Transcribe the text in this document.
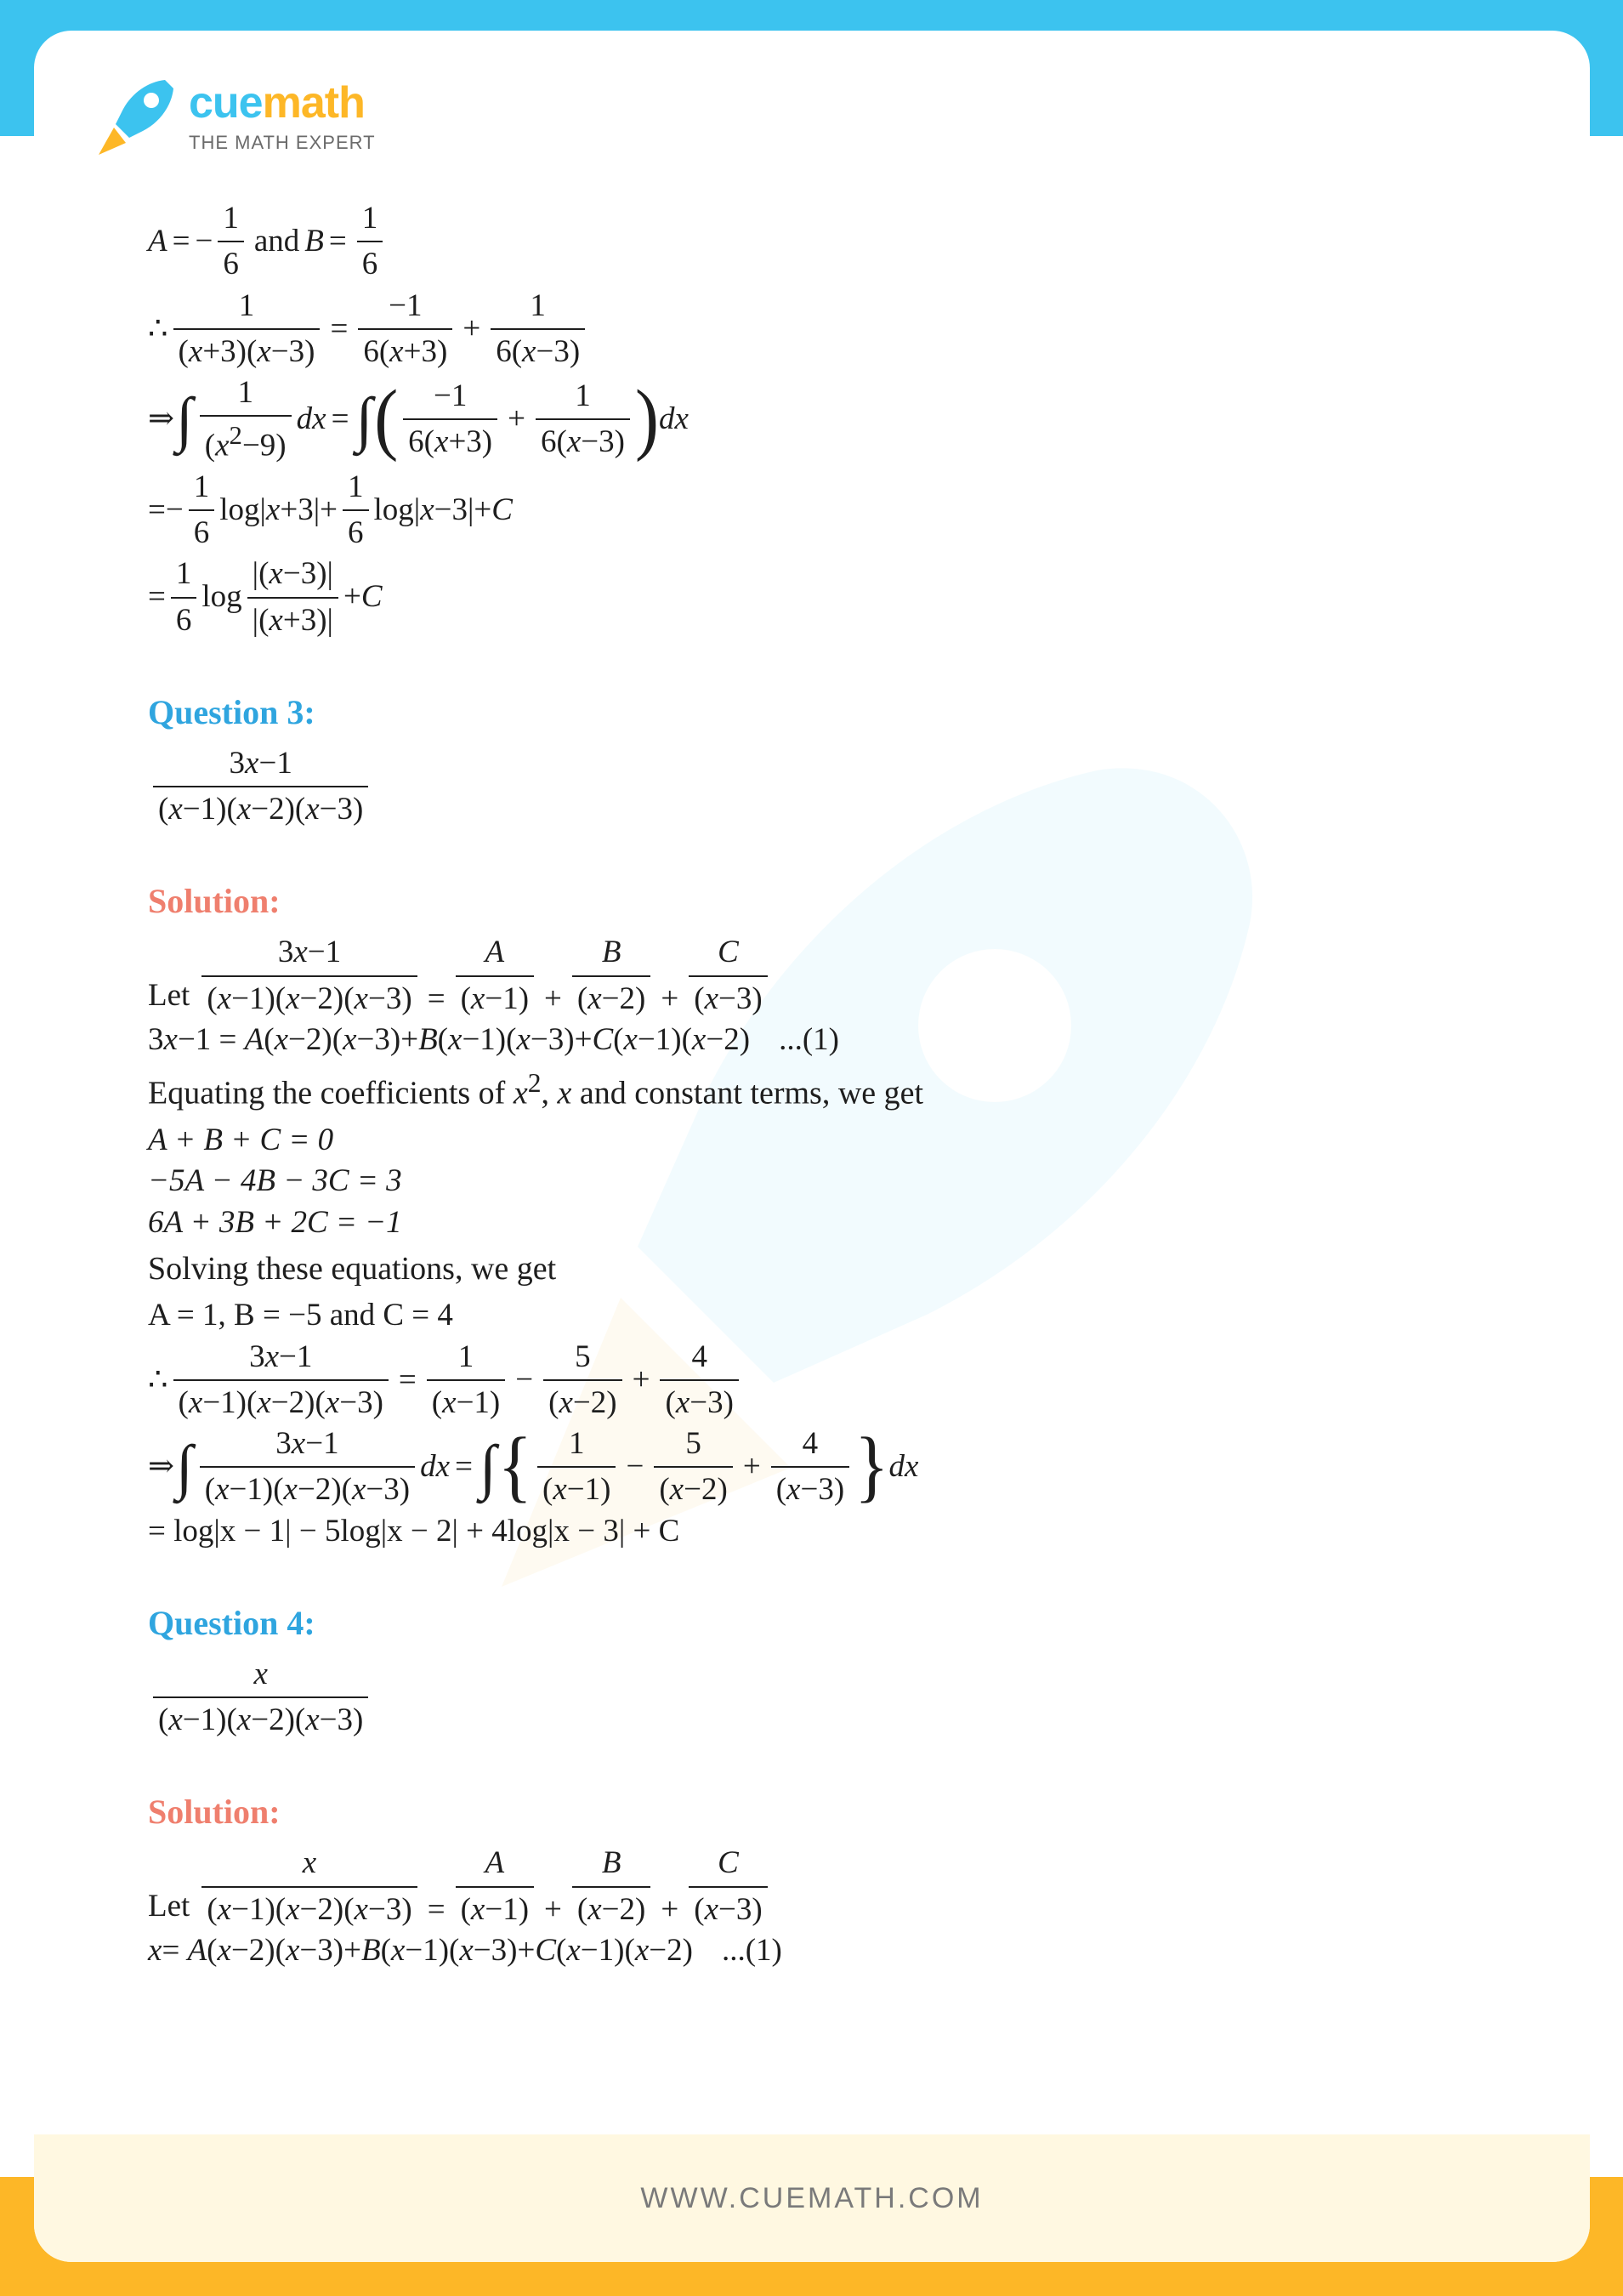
WWW.CUEMATH.COM
cuemath
THE MATH EXPERT
A = − $\frac{1}{6}$ and $B = \frac{1}{6}$
∴ $\frac{1}{(x+3)(x-3)} = \frac{-1}{6(x+3)} + \frac{1}{6(x-3)}$
⇒ ∫ $\frac{1}{(x^2-9)}$ dx = ∫ ( $\frac{-1}{6(x+3)} + \frac{1}{6(x-3)}$ ) dx
=− $\frac{1}{6} \log|$ $x +3|+ \frac{1}{6} \log|$ x −3|+ C
= $\frac{1}{6}$ $\log \frac{|(x-3)|}{|(x+3)|} + C$
Question 3:
$\frac{3x-1}{(x-1)(x-2)(x-3)}$
Solution:
Let $\frac{3x-1}{(x-1)(x-2)(x-3)} = \frac{A}{(x-1)} + \frac{B}{(x-2)} + \frac{C}{(x-3)}$
3 x −1 = A ( x −2)( x −3)+ B ( x −1)( x −3)+ C ( x −1)( x −2) ...(1)
Equating the coefficients of $x^2$, x and constant terms, we get
A + B + C = 0
−5A − 4B − 3C = 3
6A + 3B + 2C = −1
Solving these equations, we get
A = 1, B = −5 and C = 4
∴ $\frac{3x-1}{(x-1)(x-2)(x-3)} = \frac{1}{(x-1)} - \frac{5}{(x-2)} + \frac{4}{(x-3)}$
⇒ ∫ $\frac{3x-1}{(x-1)(x-2)(x-3)}$ dx = ∫ { $\frac{1}{(x-1)} - \frac{5}{(x-2)} + \frac{4}{(x-3)}$ } dx
= log|x − 1| − 5log|x − 2| + 4log|x − 3| + C
Question 4:
$\frac{x}{(x-1)(x-2)(x-3)}$
Solution:
Let $\frac{x}{(x-1)(x-2)(x-3)} = \frac{A}{(x-1)} + \frac{B}{(x-2)} + \frac{C}{(x-3)}$
x = A ( x −2)( x −3)+ B ( x −1)( x −3)+ C ( x −1)( x −2) ...(1)
